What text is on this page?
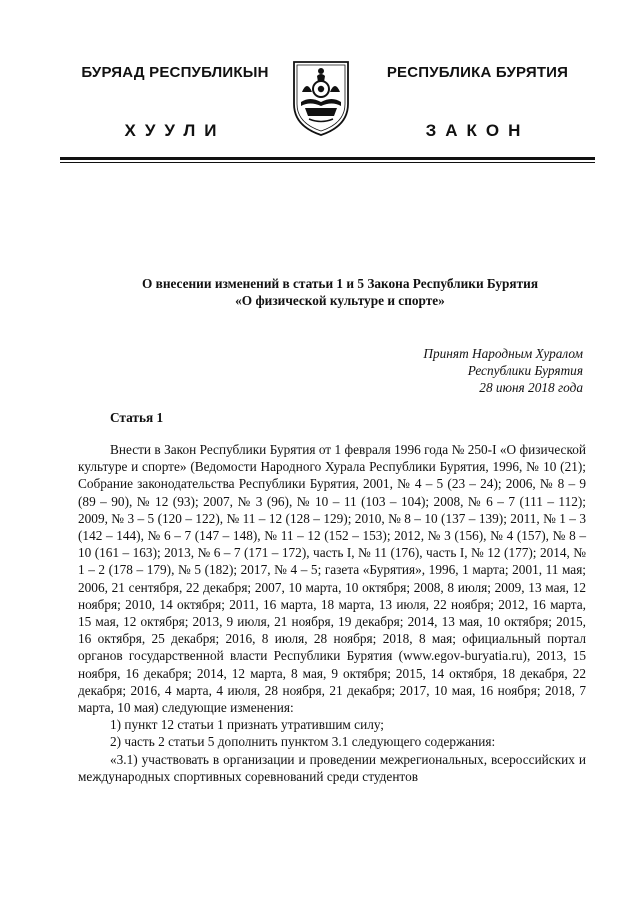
БУРЯАД РЕСПУБЛИКЫН
ХУУЛИ
РЕСПУБЛИКА БУРЯТИЯ
ЗАКОН
О внесении изменений в статьи 1 и 5 Закона Республики Бурятия
«О физической культуре и спорте»
Принят Народным Хуралом
Республики Бурятия
28 июня 2018 года
Статья 1

Внести в Закон Республики Бурятия от 1 февраля 1996 года № 250-I «О физической культуре и спорте» (Ведомости Народного Хурала Республики Бурятия, 1996, № 10 (21); Собрание законодательства Республики Бурятия, 2001, № 4 – 5 (23 – 24); 2006, № 8 – 9 (89 – 90), № 12 (93); 2007, № 3 (96), № 10 – 11 (103 – 104); 2008, № 6 – 7 (111 – 112); 2009, № 3 – 5 (120 – 122), № 11 – 12 (128 – 129); 2010, № 8 – 10 (137 – 139); 2011, № 1 – 3 (142 – 144), № 6 – 7 (147 – 148), № 11 – 12 (152 – 153); 2012, № 3 (156), № 4 (157), № 8 – 10 (161 – 163); 2013, № 6 – 7 (171 – 172), часть I, № 11 (176), часть I, № 12 (177); 2014, № 1 – 2 (178 – 179), № 5 (182); 2017, № 4 – 5; газета «Бурятия», 1996, 1 марта; 2001, 11 мая; 2006, 21 сентября, 22 декабря; 2007, 10 марта, 10 октября; 2008, 8 июля; 2009, 13 мая, 12 ноября; 2010, 14 октября; 2011, 16 марта, 18 марта, 13 июля, 22 ноября; 2012, 16 марта, 15 мая, 12 октября; 2013, 9 июля, 21 ноября, 19 декабря; 2014, 13 мая, 10 октября; 2015, 16 октября, 25 декабря; 2016, 8 июля, 28 ноября; 2018, 8 мая; официальный портал органов государственной власти Республики Бурятия (www.egov-buryatia.ru), 2013, 15 ноября, 16 декабря; 2014, 12 марта, 8 мая, 9 октября; 2015, 14 октября, 18 декабря, 22 декабря; 2016, 4 марта, 4 июля, 28 ноября, 21 декабря; 2017, 10 мая, 16 ноября; 2018, 7 марта, 10 мая) следующие изменения:

1) пункт 12 статьи 1 признать утратившим силу;

2) часть 2 статьи 5 дополнить пунктом 3.1 следующего содержания:

«3.1) участвовать в организации и проведении межрегиональных, всероссийских и международных спортивных соревнований среди студентов
